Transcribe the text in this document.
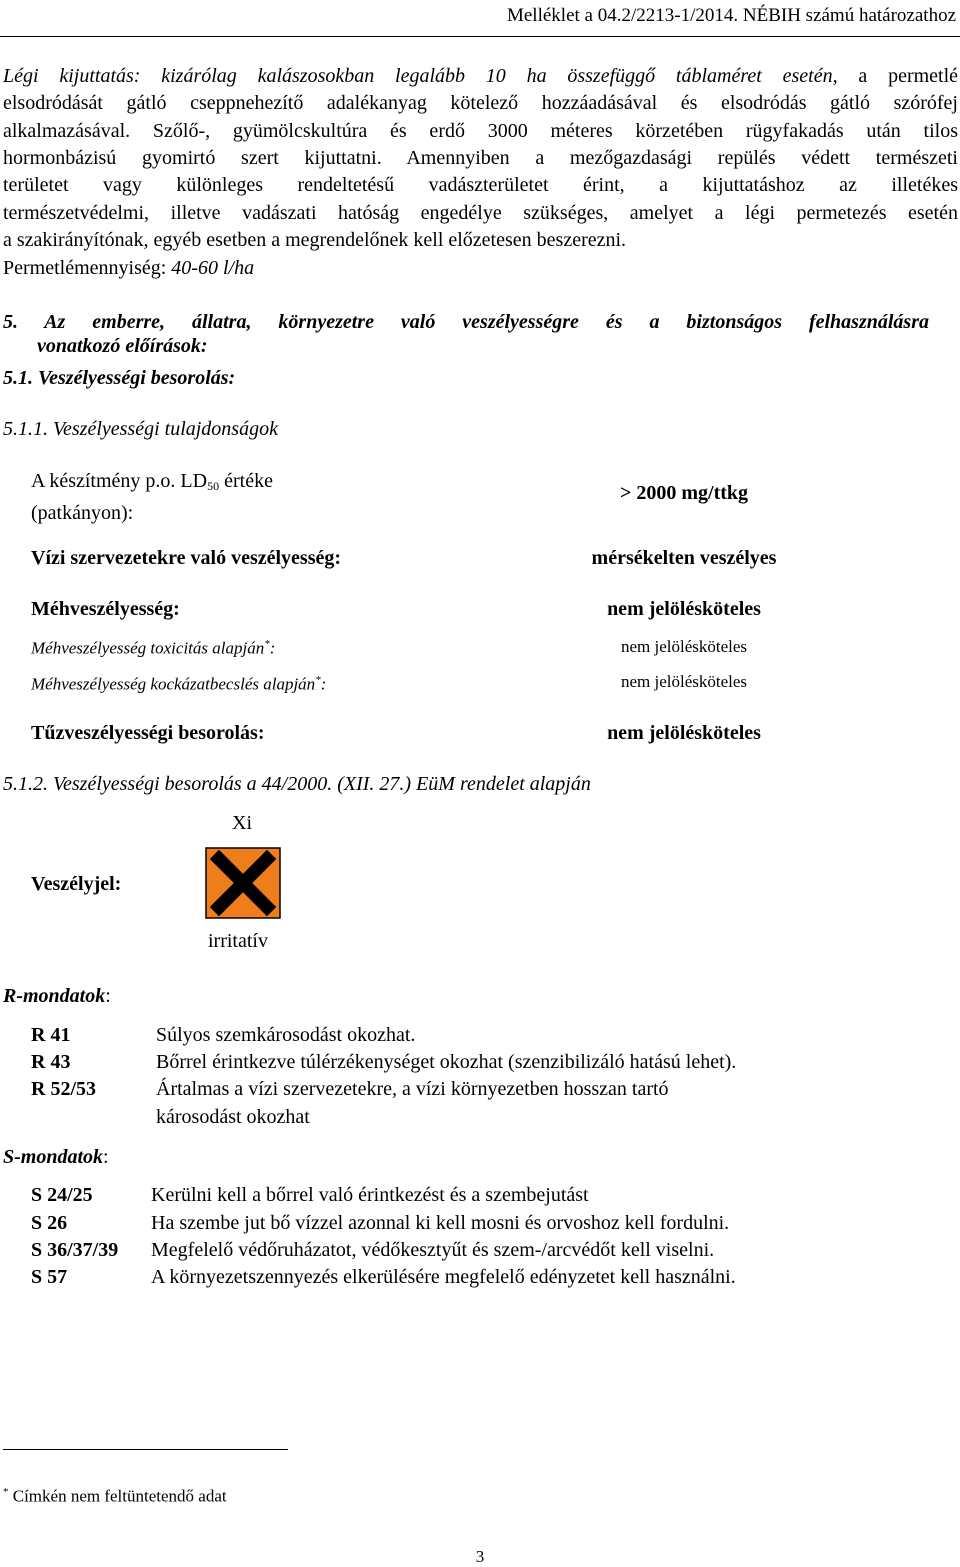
Melléklet a 04.2/2213-1/2014. NÉBIH számú határozathoz
Légi kijuttatás: kizárólag kalászosokban legalább 10 ha összefüggő táblaméret esetén, a permetlé
elsodródását gátló cseppnehezítő adalékanyag kötelező hozzáadásával és elsodródás gátló szórófej
alkalmazásával. Szőlő-, gyümölcskultúra és erdő 3000 méteres körzetében rügyfakadás után tilos
hormonbázisú gyomirtó szert kijuttatni. Amennyiben a mezőgazdasági repülés védett természeti
területet vagy különleges rendeltetésű vadászterületet érint, a kijuttatáshoz az illetékes
természetvédelmi, illetve vadászati hatóság engedélye szükséges, amelyet a légi permetezés esetén
a szakirányítónak, egyéb esetben a megrendelőnek kell előzetesen beszerezni.
Permetlémennyiség: 40-60 l/ha
5. Az emberre, állatra, környezetre való veszélyességre és a biztonságos felhasználásra
vonatkozó előírások:
5.1. Veszélyességi besorolás:
5.1.1. Veszélyességi tulajdonságok
A készítmény p.o. $LD_{50}$ értéke
(patkányon):
> 2000 mg/ttkg
Vízi szervezetekre való veszélyesség:	mérsékelten veszélyes
Méhveszélyesség:	nem jelölésköteles
Méhveszélyesség toxicitás alapján*:	nem jelölésköteles
Méhveszélyesség kockázatbecslés alapján*:	nem jelölésköteles
Tűzveszélyességi besorolás:	nem jelölésköteles
5.1.2. Veszélyességi besorolás a 44/2000. (XII. 27.) EüM rendelet alapján
Xi
Veszélyjel:
irritatív
R-mondatok:
R 41	Súlyos szemkárosodást okozhat.
R 43	Bőrrel érintkezve túlérzékenységet okozhat (szenzibilizáló hatású lehet).
R 52/53	Ártalmas a vízi szervezetekre, a vízi környezetben hosszan tartó
károsodást okozhat
S-mondatok:
S 24/25	Kerülni kell a bőrrel való érintkezést és a szembejutást
S 26	Ha szembe jut bő vízzel azonnal ki kell mosni és orvoshoz kell fordulni.
S 36/37/39 Megfelelő védőruházatot, védőkesztyűt és szem-/arcvédőt kell viselni.
S 57	A környezetszennyezés elkerülésére megfelelő edényzetet kell használni.
* Címkén nem feltüntetendő adat
3
